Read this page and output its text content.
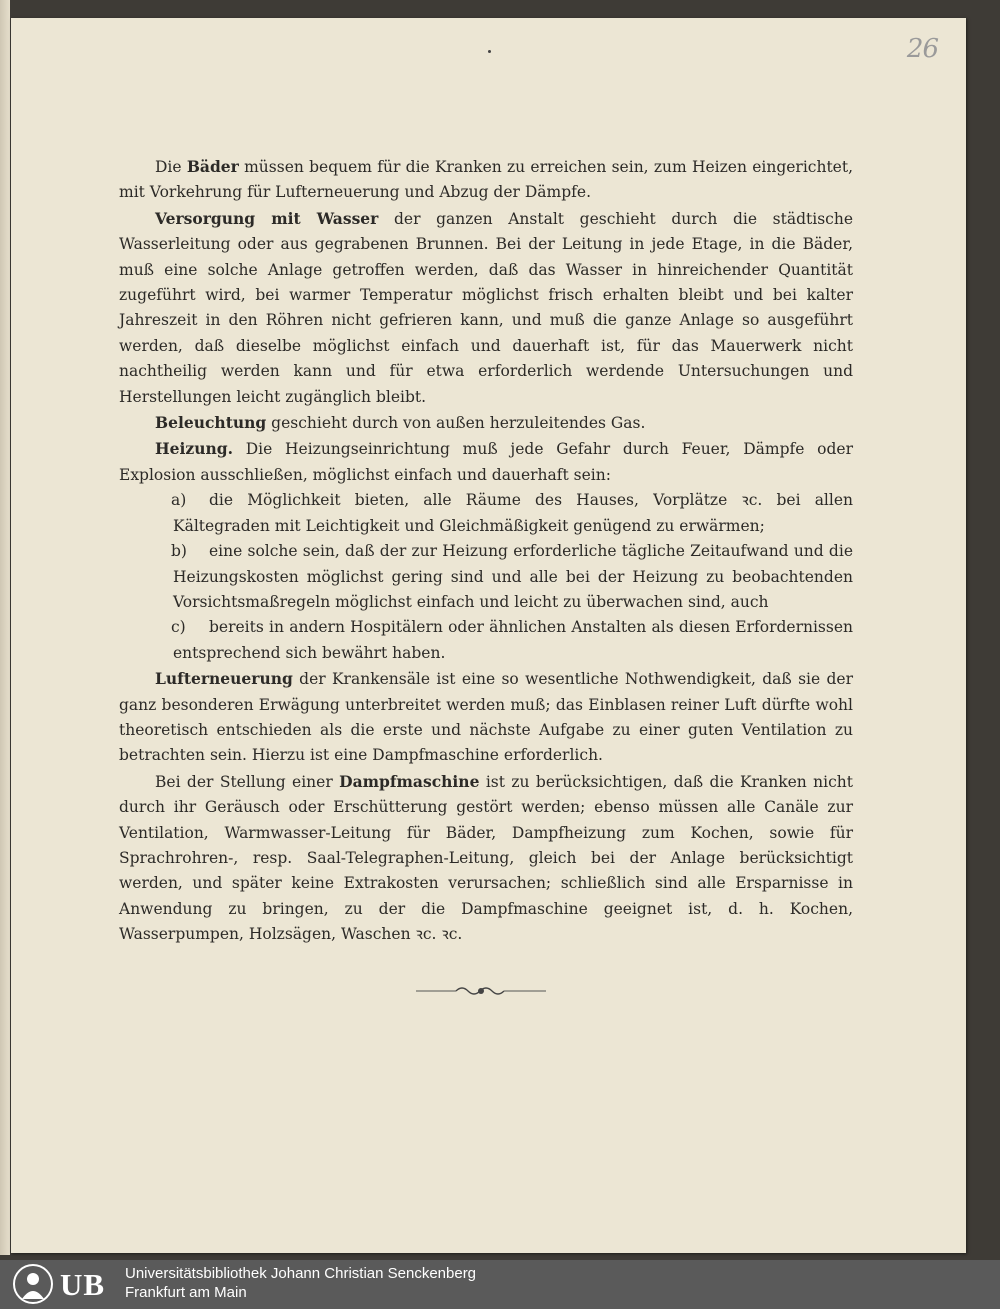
26

Die Bäder müssen bequem für die Kranken zu erreichen sein, zum Heizen eingerichtet, mit Vorkehrung für Lufterneuerung und Abzug der Dämpfe.

Versorgung mit Wasser der ganzen Anstalt geschieht durch die städtische Wasserleitung oder aus gegrabenen Brunnen. Bei der Leitung in jede Etage, in die Bäder, muß eine solche Anlage getroffen werden, daß das Wasser in hinreichender Quantität zugeführt wird, bei warmer Temperatur möglichst frisch erhalten bleibt und bei kalter Jahreszeit in den Röhren nicht gefrieren kann, und muß die ganze Anlage so ausgeführt werden, daß dieselbe möglichst einfach und dauerhaft ist, für das Mauerwerk nicht nachtheilig werden kann und für etwa erforderlich werdende Untersuchungen und Herstellungen leicht zugänglich bleibt.

Beleuchtung geschieht durch von außen herzuleitendes Gas.

Heizung. Die Heizungseinrichtung muß jede Gefahr durch Feuer, Dämpfe oder Explosion ausschließen, möglichst einfach und dauerhaft sein:

a) die Möglichkeit bieten, alle Räume des Hauses, Vorplätze ꝛc. bei allen Kältegraden mit Leichtigkeit und Gleichmäßigkeit genügend zu erwärmen;

b) eine solche sein, daß der zur Heizung erforderliche tägliche Zeitaufwand und die Heizungskosten möglichst gering sind und alle bei der Heizung zu beobachtenden Vorsichtsmaßregeln möglichst einfach und leicht zu überwachen sind, auch

c) bereits in andern Hospitälern oder ähnlichen Anstalten als diesen Erfordernissen entsprechend sich bewährt haben.

Lufterneuerung der Krankensäle ist eine so wesentliche Nothwendigkeit, daß sie der ganz besonderen Erwägung unterbreitet werden muß; das Einblasen reiner Luft dürfte wohl theoretisch entschieden als die erste und nächste Aufgabe zu einer guten Ventilation zu betrachten sein. Hierzu ist eine Dampfmaschine erforderlich.

Bei der Stellung einer Dampfmaschine ist zu berücksichtigen, daß die Kranken nicht durch ihr Geräusch oder Erschütterung gestört werden; ebenso müssen alle Canäle zur Ventilation, Warmwasser-Leitung für Bäder, Dampfheizung zum Kochen, sowie für Sprachrohren-, resp. Saal-Telegraphen-Leitung, gleich bei der Anlage berücksichtigt werden, und später keine Extrakosten verursachen; schließlich sind alle Ersparnisse in Anwendung zu bringen, zu der die Dampfmaschine geeignet ist, d. h. Kochen, Wasserpumpen, Holzsägen, Waschen ꝛc. ꝛc.

UB Universitätsbibliothek Johann Christian Senckenberg
Frankfurt am Main
